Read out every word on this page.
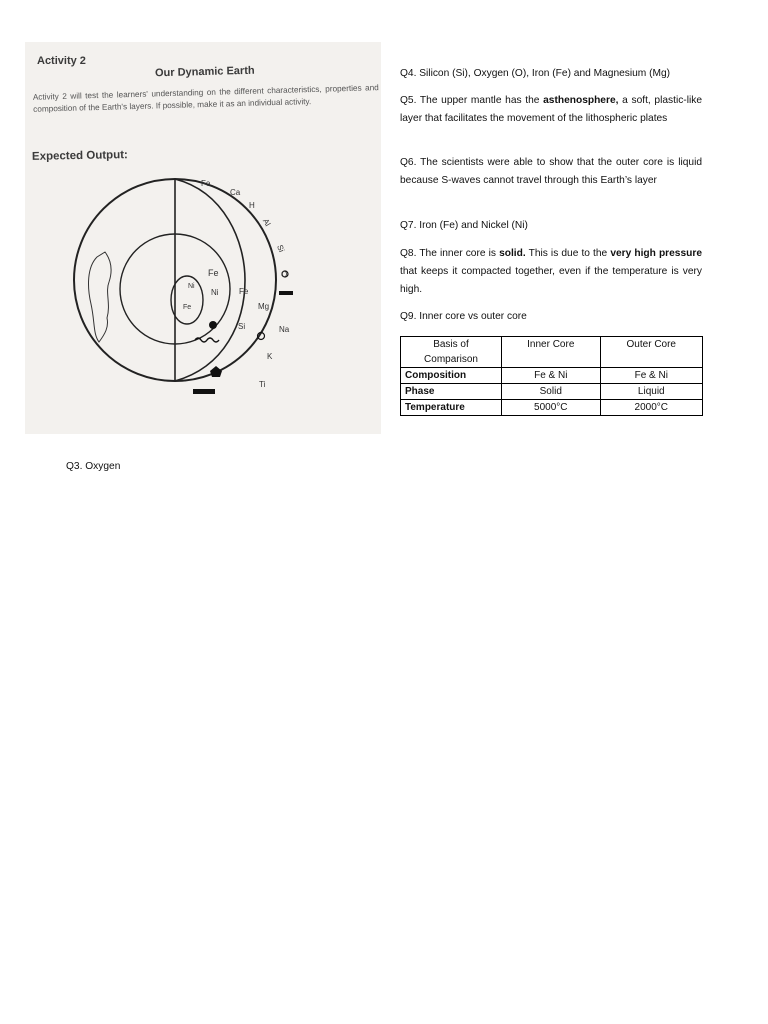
Activity 2
Our Dynamic Earth
Activity 2 will test the learners' understanding on the different characteristics, properties and composition of the Earth's layers. If possible, make it as an individual activity.
Expected Output:
Fe
Ca
H
Al
Si
O
Fe
Ni
Ni
Fe
Fe
Mg
Si	Na
K
Ti
Q4. Silicon (Si), Oxygen (O), Iron (Fe) and Magnesium (Mg)
Q5. The upper mantle has the asthenosphere, a soft, plastic-like layer that facilitates the movement of the lithospheric plates
Q6. The scientists were able to show that the outer core is liquid because S-waves cannot travel through this Earth’s layer
Q7. Iron (Fe) and Nickel (Ni)
Q8. The inner core is solid. This is due to the very high pressure that keeps it compacted together, even if the temperature is very high.
Q9. Inner core vs outer core
Basis of Comparison	Inner Core	Outer Core
Composition	Fe & Ni	Fe & Ni
Phase	Solid	Liquid
Temperature	5000°C	2000°C
Q3. Oxygen
